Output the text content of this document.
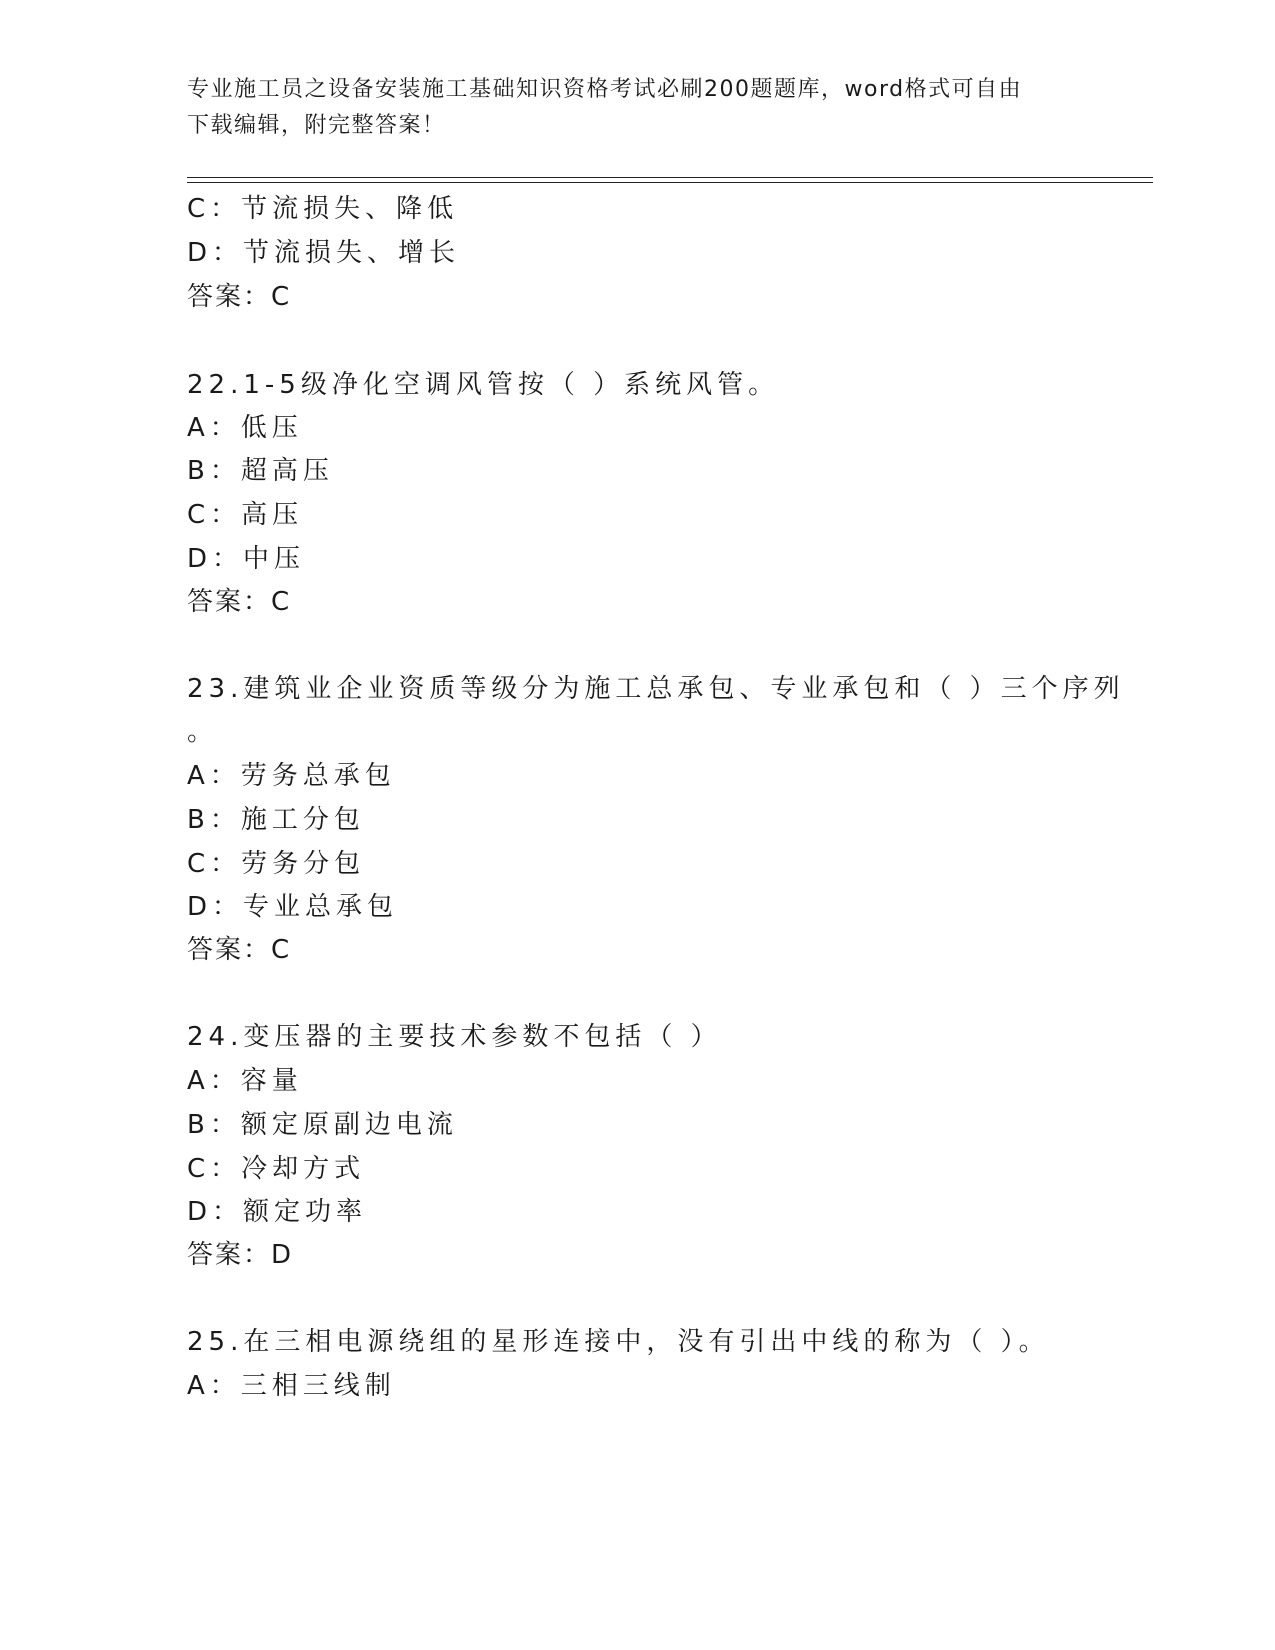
专业施工员之设备安装施工基础知识资格考试必刷200题题库，word格式可自由
下载编辑，附完整答案！
C：节流损失、降低
D：节流损失、增长
答案：C
22.1-5级净化空调风管按（ ）系统风管。
A：低压
B：超高压
C：高压
D：中压
答案：C
23.建筑业企业资质等级分为施工总承包、专业承包和（ ）三个序列
。
A：劳务总承包
B：施工分包
C：劳务分包
D：专业总承包
答案：C
24.变压器的主要技术参数不包括（ ）
A：容量
B：额定原副边电流
C：冷却方式
D：额定功率
答案：D
25.在三相电源绕组的星形连接中，没有引出中线的称为（ ）。
A：三相三线制
